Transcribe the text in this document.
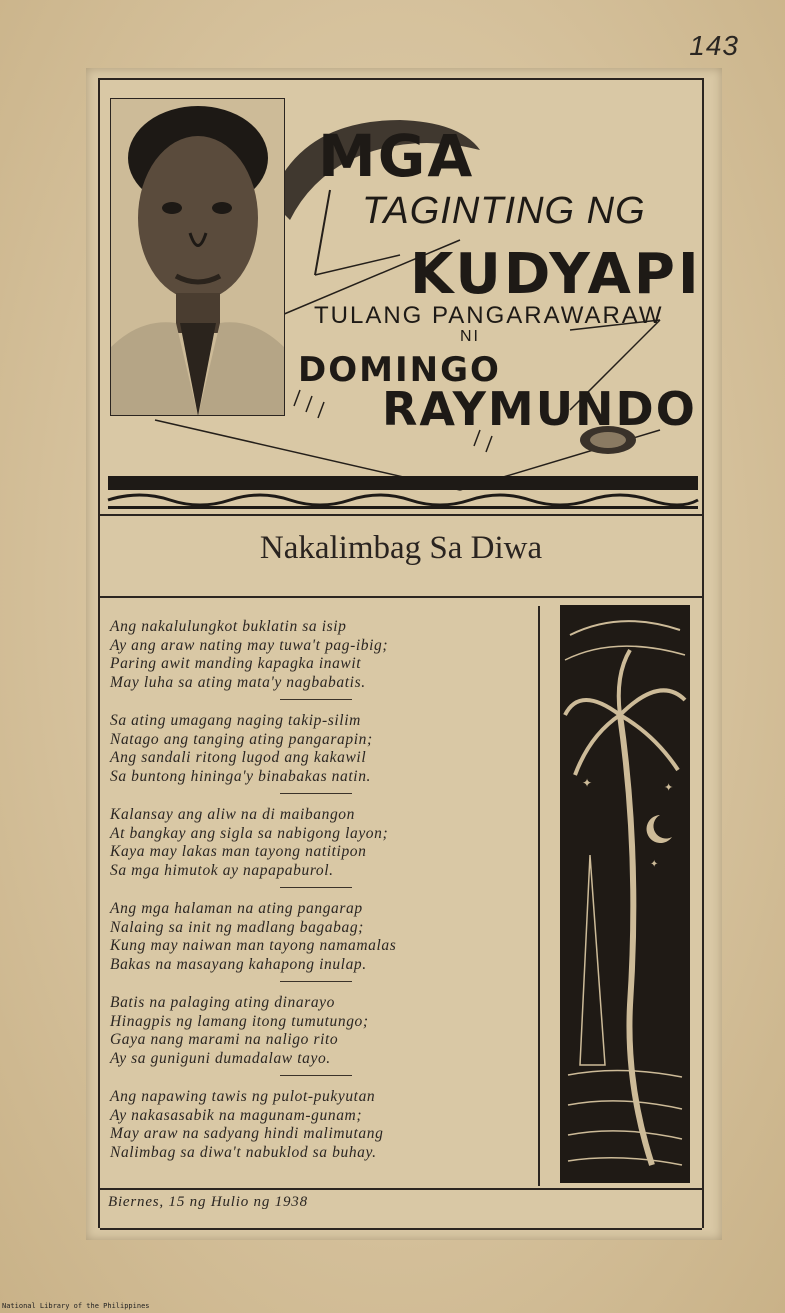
143
MGA
TAGINTING NG
KUDYAPI
TULANG PANGARAWARAW
NI
DOMINGO
RAYMUNDO
Nakalimbag Sa Diwa
Ang nakalulungkot buklatin sa isip
Ay ang araw nating may tuwa't pag-ibig;
Paring awit manding kapagka inawit
May luha sa ating mata'y nagbabatis.
Sa ating umagang naging takip-silim
Natago ang tanging ating pangarapin;
Ang sandali ritong lugod ang kakawil
Sa buntong hininga'y binabakas natin.
Kalansay ang aliw na di maibangon
At bangkay ang sigla sa nabigong layon;
Kaya may lakas man tayong natitipon
Sa mga himutok ay napapaburol.
Ang mga halaman na ating pangarap
Nalaing sa init ng madlang bagabag;
Kung may naiwan man tayong namamalas
Bakas na masayang kahapong inulap.
Batis na palaging ating dinarayo
Hinagpis ng lamang itong tumutungo;
Gaya nang marami na naligo rito
Ay sa guniguni dumadalaw tayo.
Ang napawing tawis ng pulot-pukyutan
Ay nakasasabik na magunam-gunam;
May araw na sadyang hindi malimutang
Nalimbag sa diwa't nabuklod sa buhay.
✦	✦
✦
Biernes, 15 ng Hulio ng 1938
National Library of the Philippines
